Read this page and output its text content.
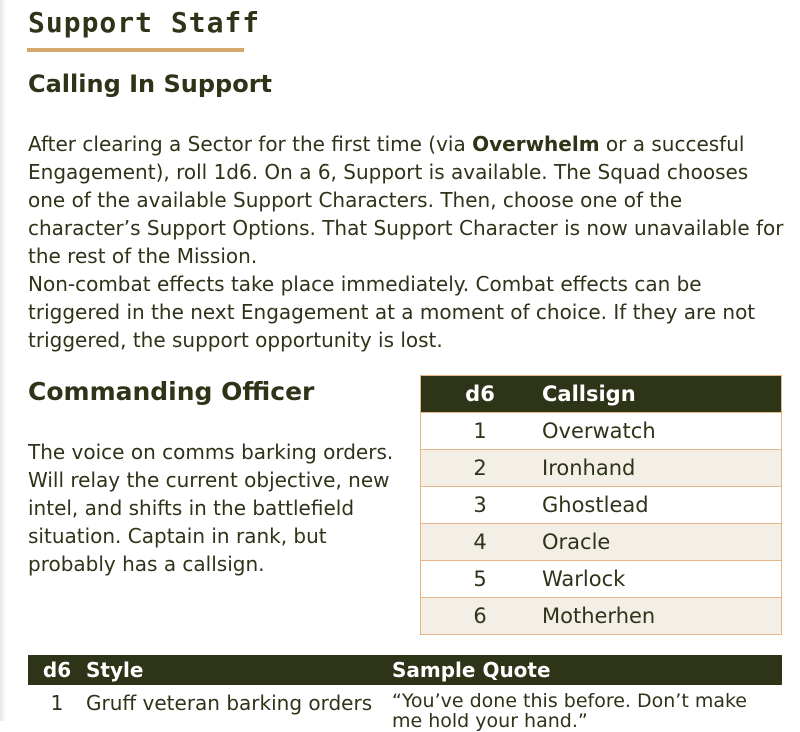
Support Staff
Calling In Support

After clearing a Sector for the first time (via Overwhelm or a succesful Engagement), roll 1d6. On a 6, Support is available. The Squad chooses one of the available Support Characters. Then, choose one of the character’s Support Options. That Support Character is now unavailable for the rest of the Mission.
Non-combat effects take place immediately. Combat effects can be triggered in the next Engagement at a moment of choice. If they are not triggered, the support opportunity is lost.

Commanding Officer

The voice on comms barking orders. Will relay the current objective, new intel, and shifts in the battlefield situation. Captain in rank, but probably has a callsign.

d6	Callsign
1	Overwatch
2	Ironhand
3	Ghostlead
4	Oracle
5	Warlock
6	Motherhen
d6	Style	Sample Quote
1	Gruff veteran barking orders	“You’ve done this before. Don’t make me hold your hand.”
